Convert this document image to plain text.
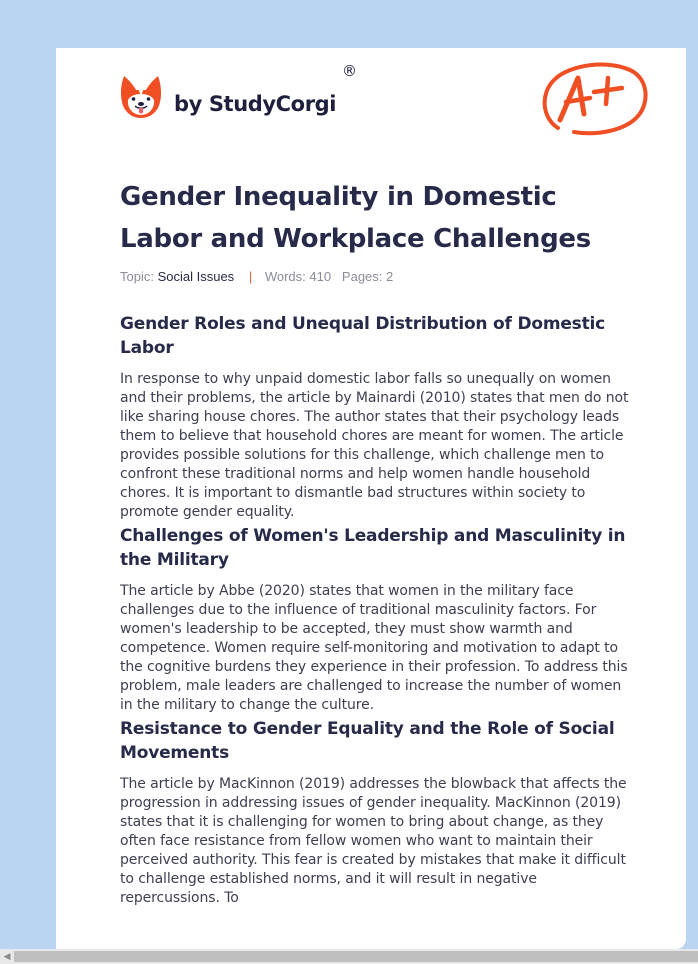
by StudyCorgi
®
Gender Inequality in Domestic Labor and Workplace Challenges
Topic: Social Issues | Words: 410 Pages: 2
Gender Roles and Unequal Distribution of Domestic Labor

In response to why unpaid domestic labor falls so unequally on women and their problems, the article by Mainardi (2010) states that men do not like sharing house chores. The author states that their psychology leads them to believe that household chores are meant for women. The article provides possible solutions for this challenge, which challenge men to confront these traditional norms and help women handle household chores. It is important to dismantle bad structures within society to promote gender equality.

Challenges of Women's Leadership and Masculinity in the Military

The article by Abbe (2020) states that women in the military face challenges due to the influence of traditional masculinity factors. For women's leadership to be accepted, they must show warmth and competence. Women require self-monitoring and motivation to adapt to the cognitive burdens they experience in their profession. To address this problem, male leaders are challenged to increase the number of women in the military to change the culture.

Resistance to Gender Equality and the Role of Social Movements

The article by MacKinnon (2019) addresses the blowback that affects the progression in addressing issues of gender inequality. MacKinnon (2019) states that it is challenging for women to bring about change, as they often face resistance from fellow women who want to maintain their perceived authority. This fear is created by mistakes that make it difficult to challenge established norms, and it will result in negative repercussions. To

◀
